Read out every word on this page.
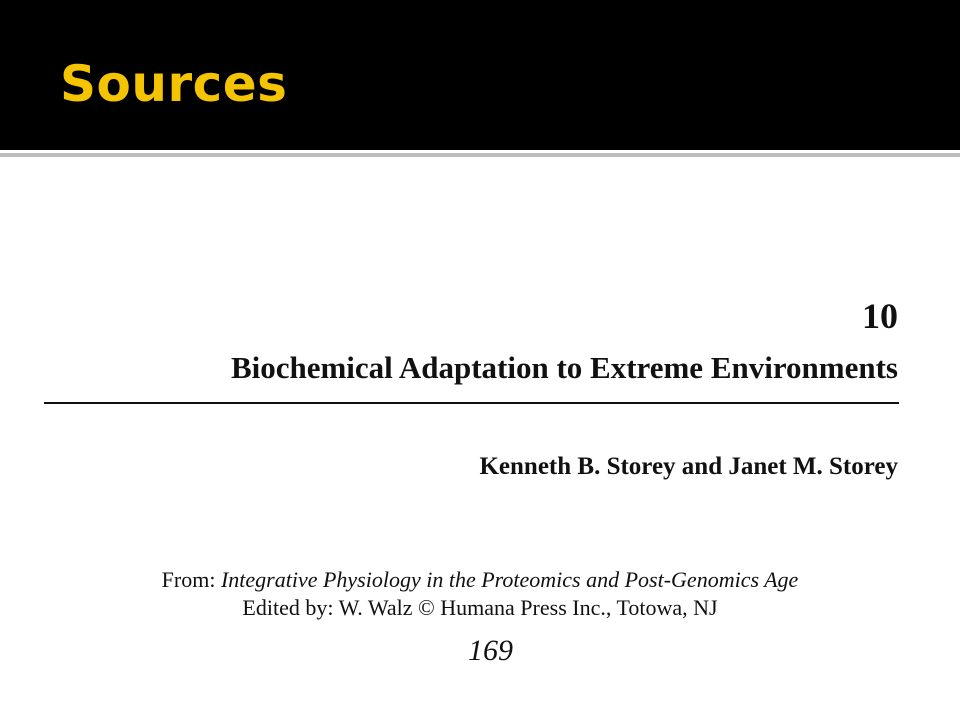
Sources
10
Biochemical Adaptation to Extreme Environments
Kenneth B. Storey and Janet M. Storey
From: Integrative Physiology in the Proteomics and Post-Genomics Age
Edited by: W. Walz © Humana Press Inc., Totowa, NJ
169
